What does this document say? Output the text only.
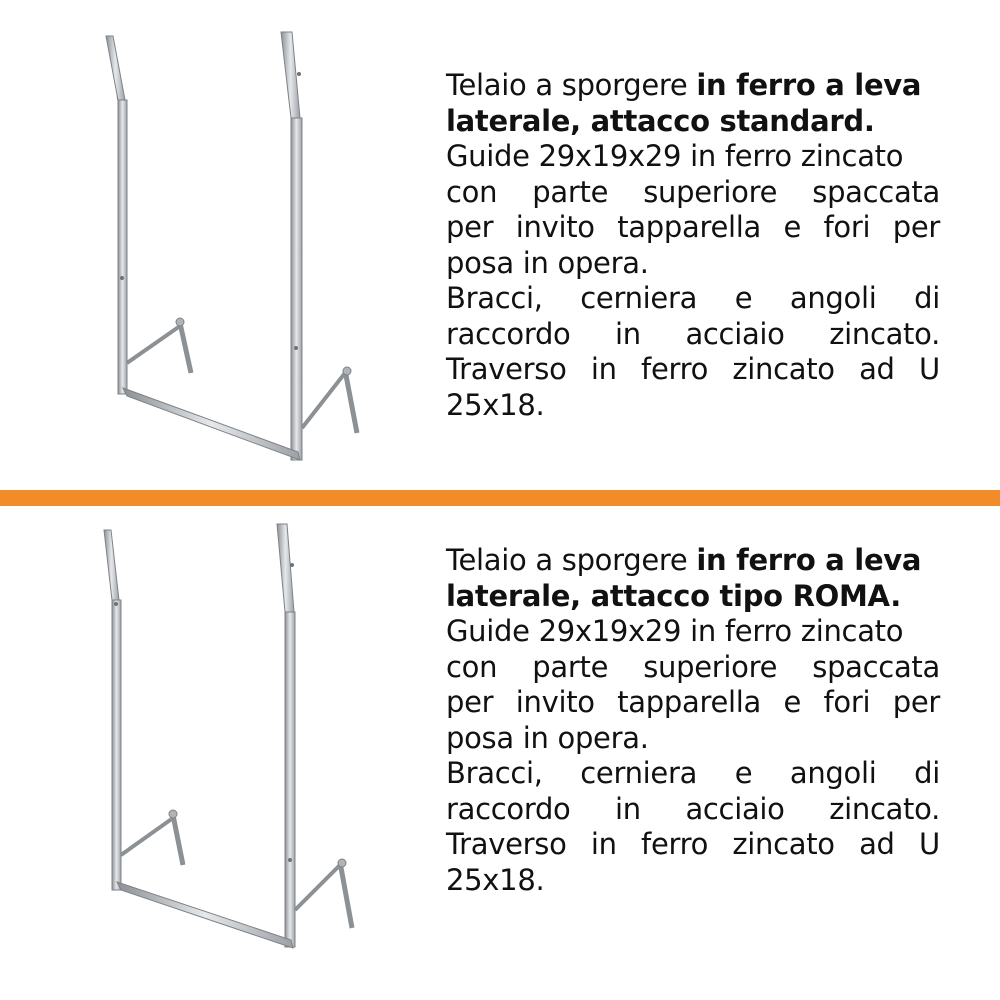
Telaio a sporgere in ferro a leva
laterale, attacco standard.
Guide 29x19x29 in ferro zincato
con parte superiore spaccata
per invito tapparella e fori per
posa in opera.
Bracci, cerniera e angoli di
raccordo in acciaio zincato.
Traverso in ferro zincato ad U
25x18.
Telaio a sporgere in ferro a leva
laterale, attacco tipo ROMA.
Guide 29x19x29 in ferro zincato
con parte superiore spaccata
per invito tapparella e fori per
posa in opera.
Bracci, cerniera e angoli di
raccordo in acciaio zincato.
Traverso in ferro zincato ad U
25x18.
